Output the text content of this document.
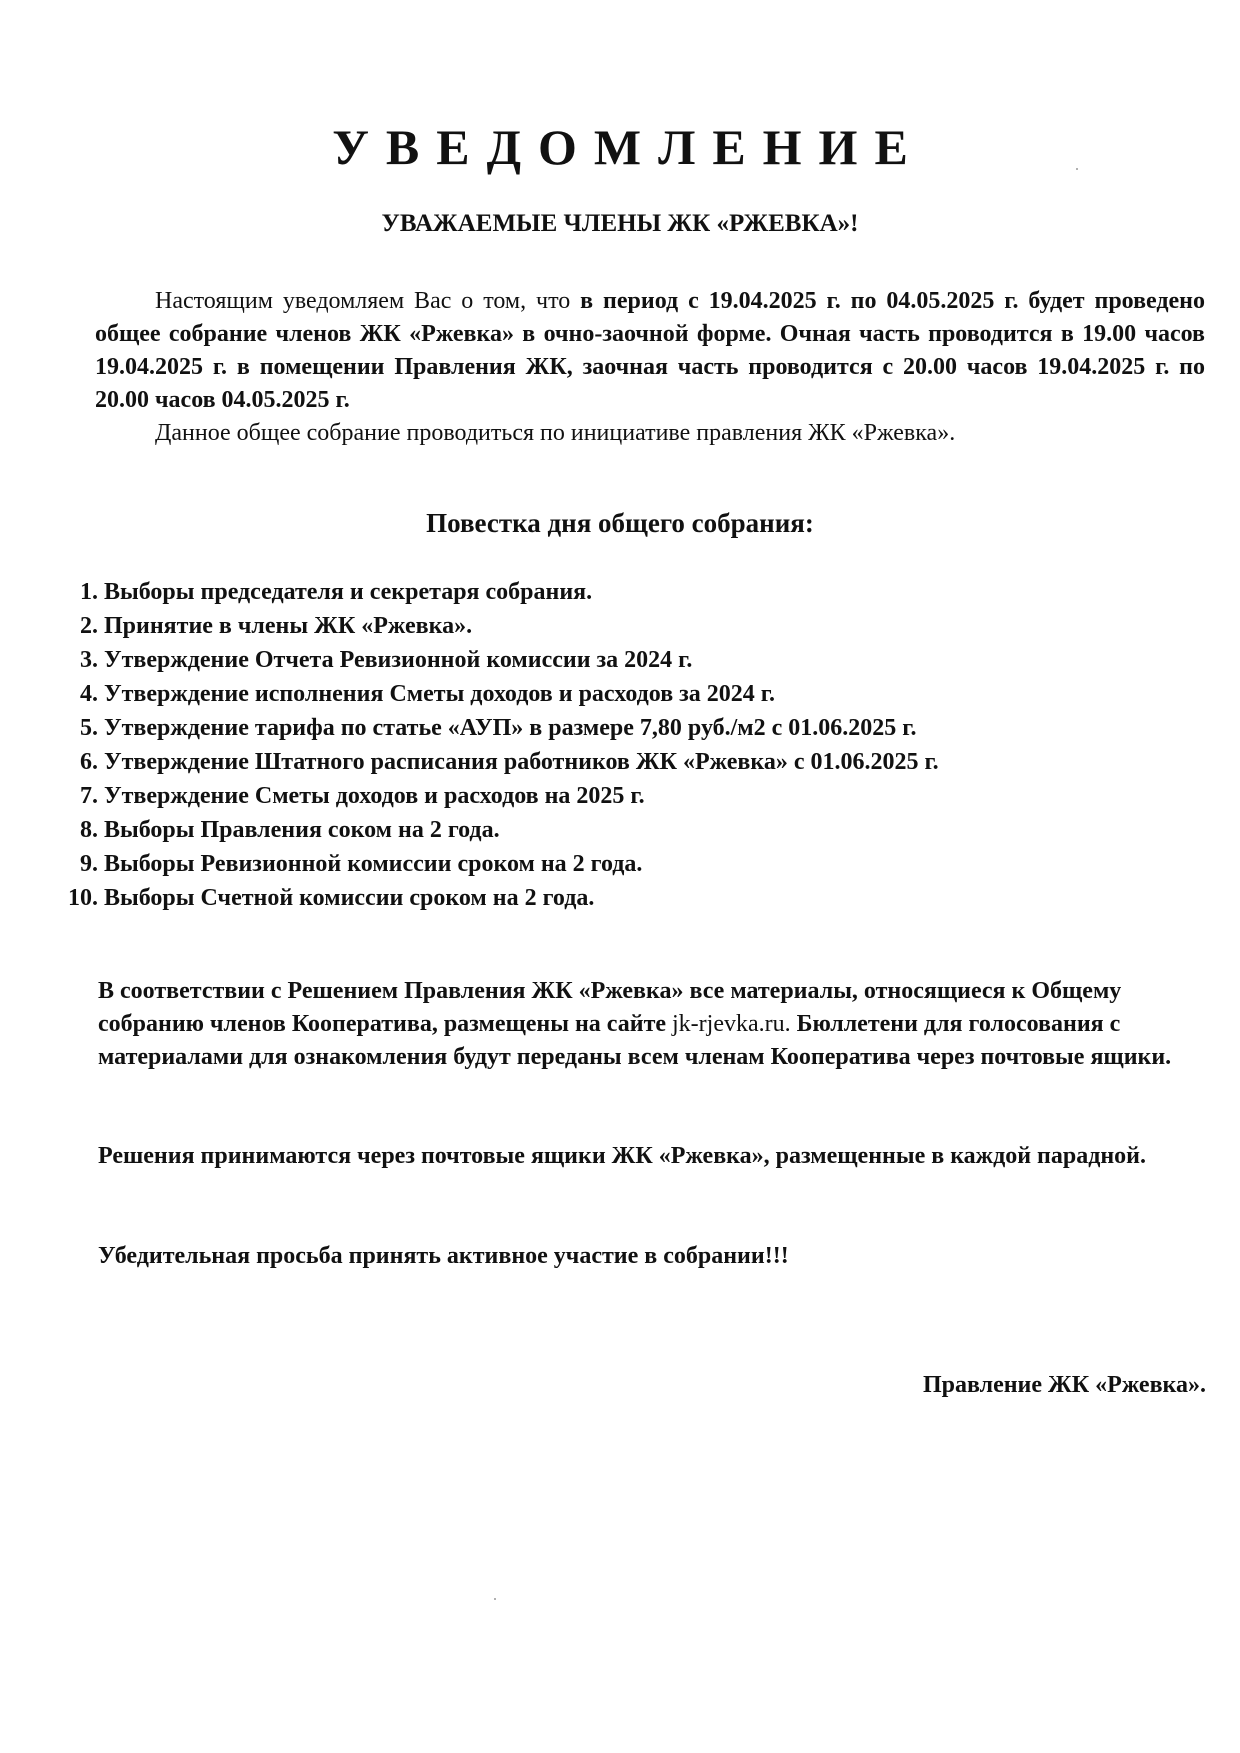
УВЕДОМЛЕНИЕ
УВАЖАЕМЫЕ ЧЛЕНЫ ЖК «РЖЕВКА»!

Настоящим уведомляем Вас о том, что в период с 19.04.2025 г. по 04.05.2025 г. будет проведено общее собрание членов ЖК «Ржевка» в очно-заочной форме. Очная часть проводится в 19.00 часов 19.04.2025 г. в помещении Правления ЖК, заочная часть проводится с 20.00 часов 19.04.2025 г. по 20.00 часов 04.05.2025 г.

Данное общее собрание проводиться по инициативе правления ЖК «Ржевка».

Повестка дня общего собрания:
1. Выборы председателя и секретаря собрания.
2. Принятие в члены ЖК «Ржевка».
3. Утверждение Отчета Ревизионной комиссии за 2024 г.
4. Утверждение исполнения Сметы доходов и расходов за 2024 г.
5. Утверждение тарифа по статье «АУП» в размере 7,80 руб./м2 с 01.06.2025 г.
6. Утверждение Штатного расписания работников ЖК «Ржевка» с 01.06.2025 г.
7. Утверждение Сметы доходов и расходов на 2025 г.
8. Выборы Правления соком на 2 года.
9. Выборы Ревизионной комиссии сроком на 2 года.
10. Выборы Счетной комиссии сроком на 2 года.
В соответствии с Решением Правления ЖК «Ржевка» все материалы, относящиеся к Общему собранию членов Кооператива, размещены на сайте jk-rjevka.ru. Бюллетени для голосования с материалами для ознакомления будут переданы всем членам Кооператива через почтовые ящики.
Решения принимаются через почтовые ящики ЖК «Ржевка», размещенные в каждой парадной.
Убедительная просьба принять активное участие в собрании!!!
Правление ЖК «Ржевка».
